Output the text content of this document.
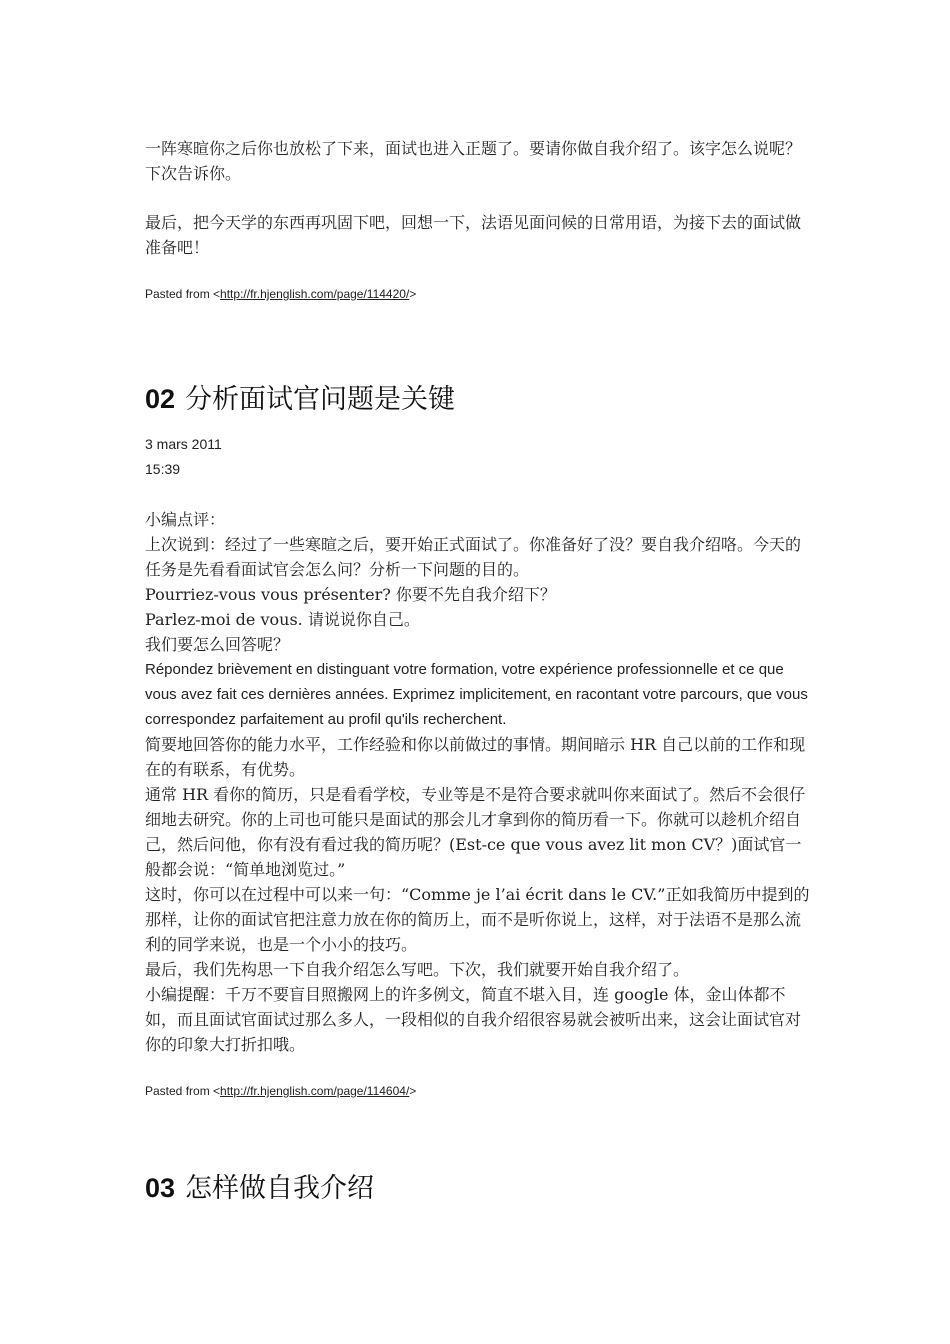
一阵寒暄你之后你也放松了下来，面试也进入正题了。要请你做自我介绍了。该字怎么说呢？下次告诉你。

最后，把今天学的东西再巩固下吧，回想一下，法语见面问候的日常用语，为接下去的面试做准备吧！

Pasted from <http://fr.hjenglish.com/page/114420/>

02 分析面试官问题是关键

3 mars 2011

15:39

小编点评：

上次说到：经过了一些寒暄之后，要开始正式面试了。你准备好了没？要自我介绍咯。今天的任务是先看看面试官会怎么问？分析一下问题的目的。

Pourriez-vous vous présenter? 你要不先自我介绍下？

Parlez-moi de vous. 请说说你自己。

我们要怎么回答呢？

Répondez brièvement en distinguant votre formation, votre expérience professionnelle et ce que vous avez fait ces dernières années. Exprimez implicitement, en racontant votre parcours, que vous correspondez parfaitement au profil qu'ils recherchent.

简要地回答你的能力水平，工作经验和你以前做过的事情。期间暗示 HR 自己以前的工作和现在的有联系，有优势。

通常 HR 看你的简历，只是看看学校，专业等是不是符合要求就叫你来面试了。然后不会很仔细地去研究。你的上司也可能只是面试的那会儿才拿到你的简历看一下。你就可以趁机介绍自己，然后问他，你有没有看过我的简历呢？(Est-ce que vous avez lit mon CV？)面试官一般都会说：“简单地浏览过。”

这时，你可以在过程中可以来一句：“Comme je l’ai écrit dans le CV.”正如我简历中提到的那样，让你的面试官把注意力放在你的简历上，而不是听你说上，这样，对于法语不是那么流利的同学来说，也是一个小小的技巧。

最后，我们先构思一下自我介绍怎么写吧。下次，我们就要开始自我介绍了。

小编提醒：千万不要盲目照搬网上的许多例文，简直不堪入目，连 google 体，金山体都不如，而且面试官面试过那么多人，一段相似的自我介绍很容易就会被听出来，这会让面试官对你的印象大打折扣哦。

Pasted from <http://fr.hjenglish.com/page/114604/>

03 怎样做自我介绍
